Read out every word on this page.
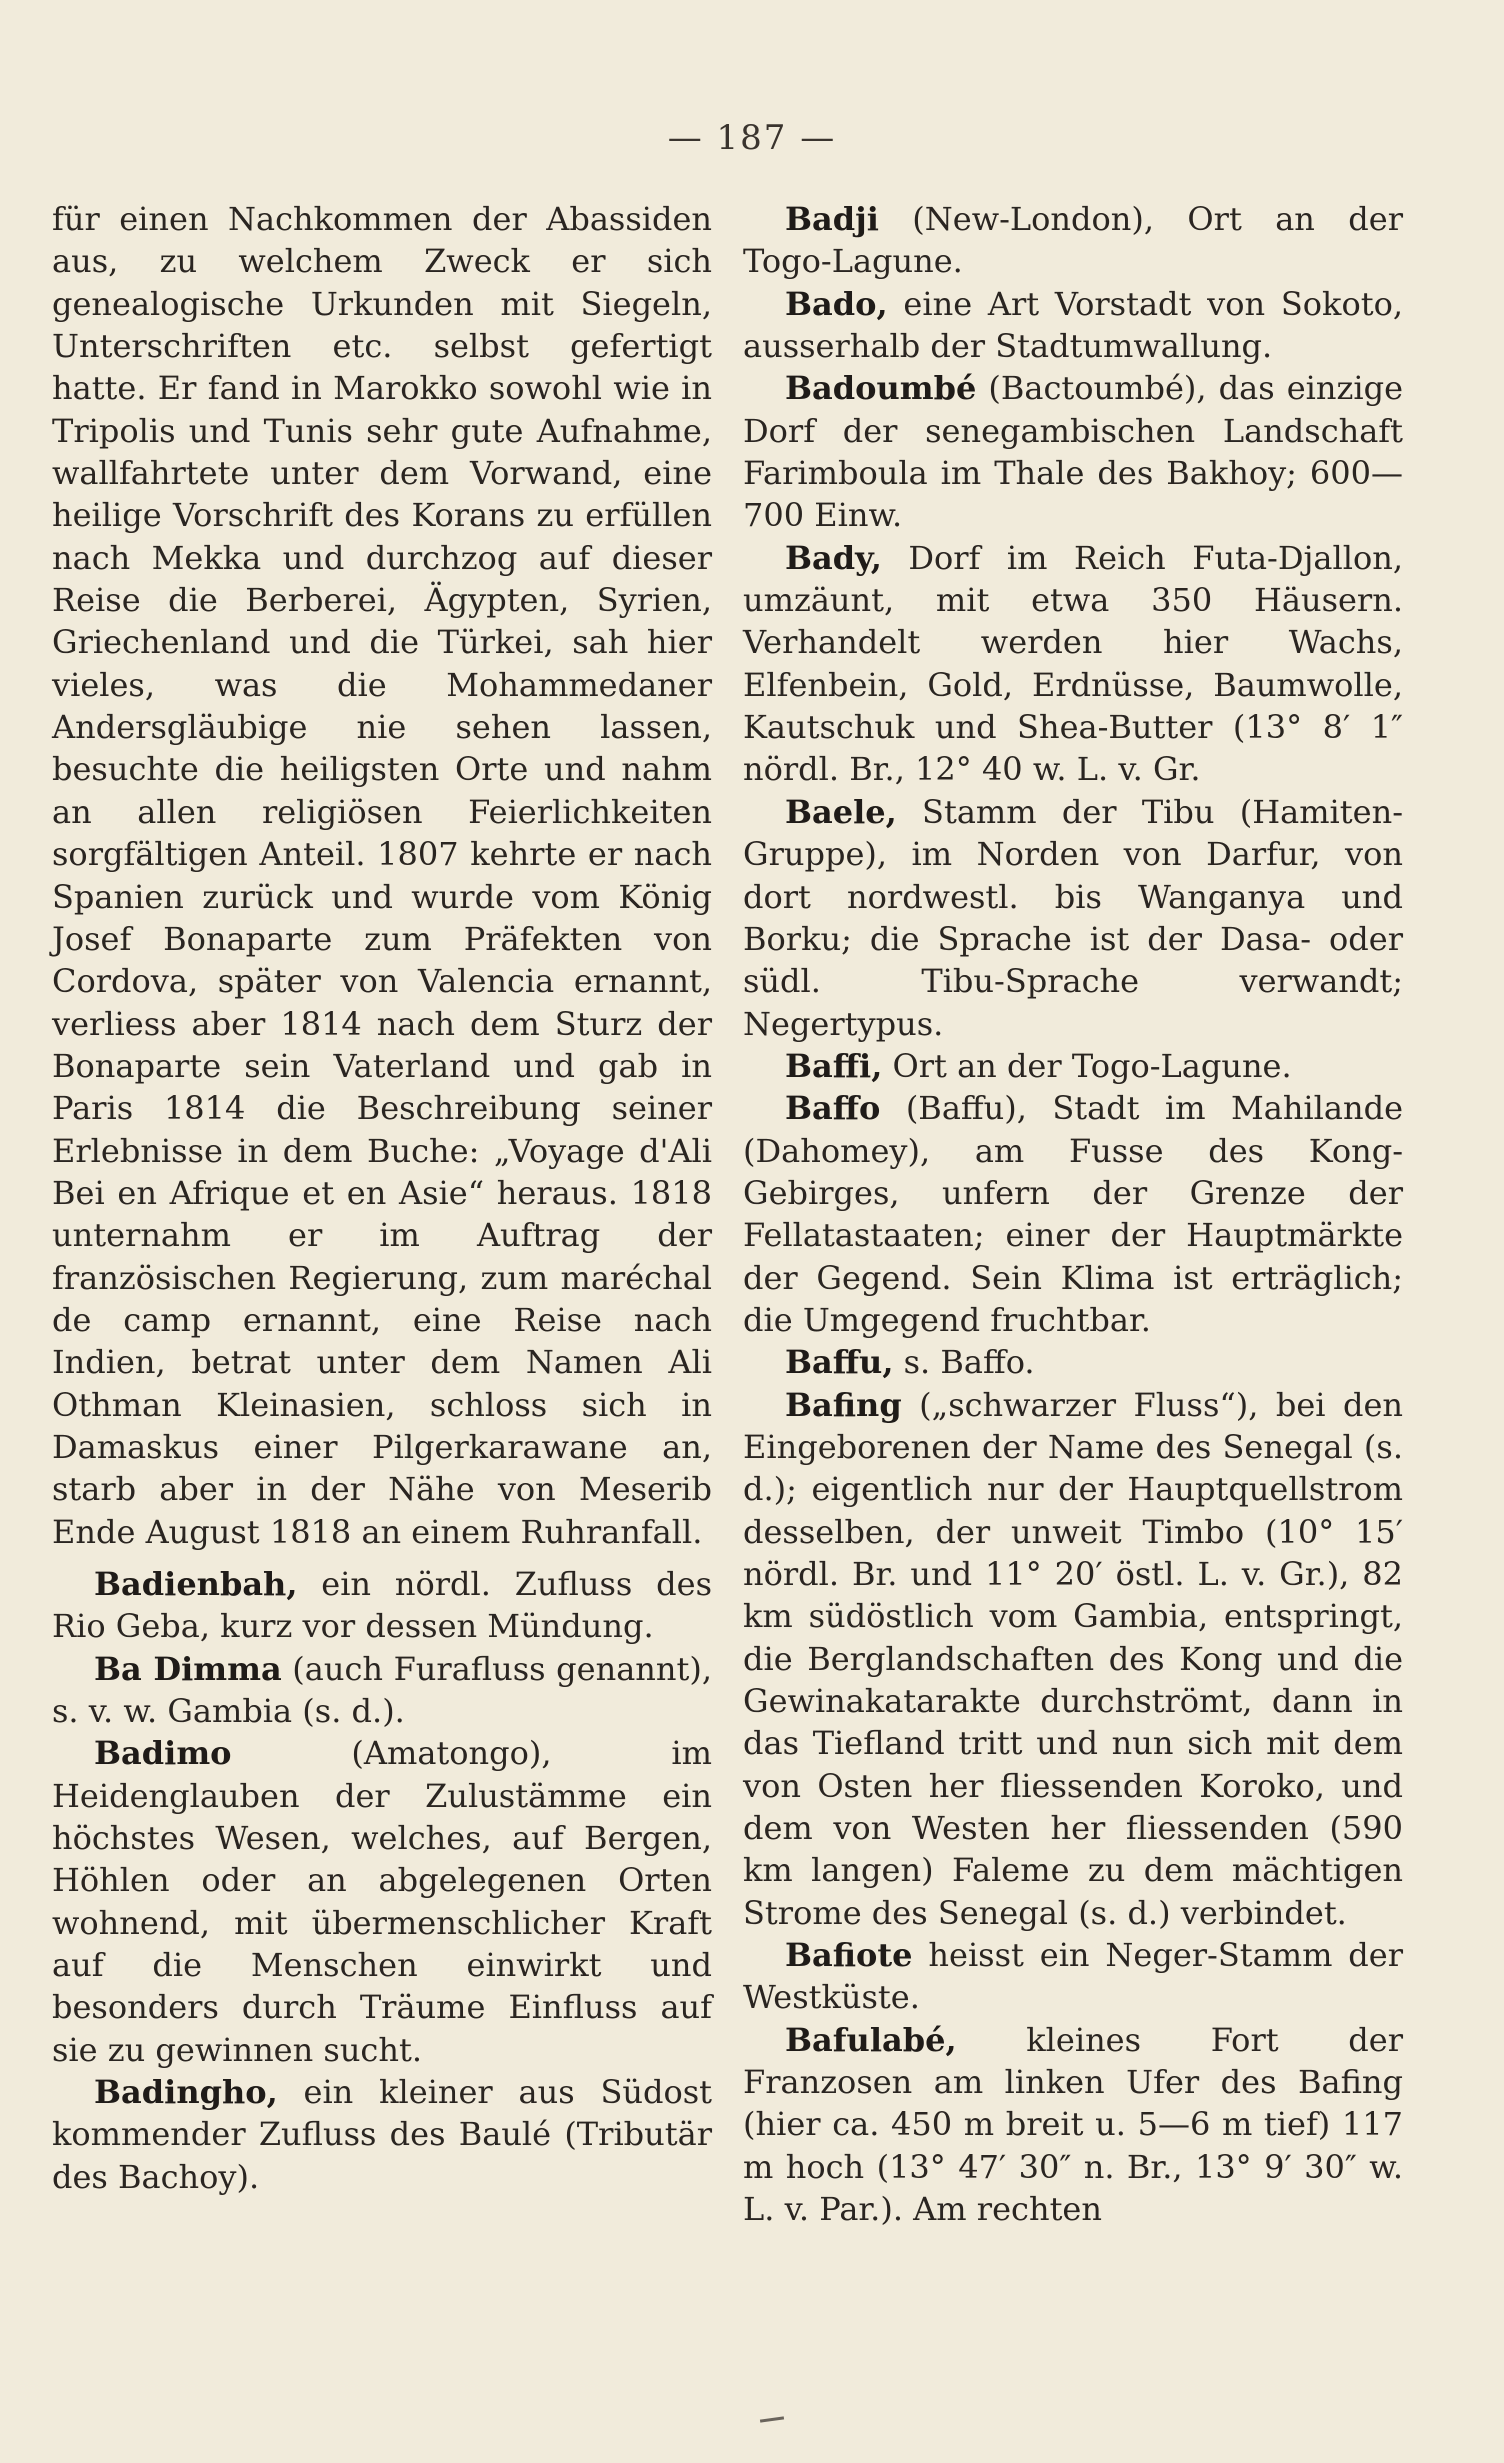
— 187 —

für einen Nachkommen der Abassiden aus, zu welchem Zweck er sich genealogische Urkunden mit Siegeln, Unterschriften etc. selbst gefertigt hatte. Er fand in Marokko sowohl wie in Tripolis und Tunis sehr gute Aufnahme, wallfahrtete unter dem Vorwand, eine heilige Vorschrift des Korans zu erfüllen nach Mekka und durchzog auf dieser Reise die Berberei, Ägypten, Syrien, Griechenland und die Türkei, sah hier vieles, was die Mohammedaner Andersgläubige nie sehen lassen, besuchte die heiligsten Orte und nahm an allen religiösen Feierlichkeiten sorgfältigen Anteil. 1807 kehrte er nach Spanien zurück und wurde vom König Josef Bonaparte zum Präfekten von Cordova, später von Valencia ernannt, verliess aber 1814 nach dem Sturz der Bonaparte sein Vaterland und gab in Paris 1814 die Beschreibung seiner Erlebnisse in dem Buche: „Voyage d'Ali Bei en Afrique et en Asie“ heraus. 1818 unternahm er im Auftrag der französischen Regierung, zum maréchal de camp ernannt, eine Reise nach Indien, betrat unter dem Namen Ali Othman Kleinasien, schloss sich in Damaskus einer Pilgerkarawane an, starb aber in der Nähe von Meserib Ende August 1818 an einem Ruhranfall.

Badienbah, ein nördl. Zufluss des Rio Geba, kurz vor dessen Mündung.

Ba Dimma (auch Furafluss genannt), s. v. w. Gambia (s. d.).

Badimo (Amatongo), im Heidenglauben der Zulustämme ein höchstes Wesen, welches, auf Bergen, Höhlen oder an abgelegenen Orten wohnend, mit übermenschlicher Kraft auf die Menschen einwirkt und besonders durch Träume Einfluss auf sie zu gewinnen sucht.

Badingho, ein kleiner aus Südost kommender Zufluss des Baulé (Tributär des Bachoy).

Badji (New-London), Ort an der Togo-Lagune.

Bado, eine Art Vorstadt von Sokoto, ausserhalb der Stadtumwallung.

Badoumbé (Bactoumbé), das einzige Dorf der senegambischen Landschaft Farimboula im Thale des Bakhoy; 600—700 Einw.

Bady, Dorf im Reich Futa-Djallon, umzäunt, mit etwa 350 Häusern. Verhandelt werden hier Wachs, Elfenbein, Gold, Erdnüsse, Baumwolle, Kautschuk und Shea-Butter (13° 8′ 1″ nördl. Br., 12° 40 w. L. v. Gr.

Baele, Stamm der Tibu (Hamiten-Gruppe), im Norden von Darfur, von dort nordwestl. bis Wanganya und Borku; die Sprache ist der Dasa- oder südl. Tibu-Sprache verwandt; Negertypus.

Baffi, Ort an der Togo-Lagune.

Baffo (Baffu), Stadt im Mahilande (Dahomey), am Fusse des Kong-Gebirges, unfern der Grenze der Fellatastaaten; einer der Hauptmärkte der Gegend. Sein Klima ist erträglich; die Umgegend fruchtbar.

Baffu, s. Baffo.

Bafing („schwarzer Fluss“), bei den Eingeborenen der Name des Senegal (s. d.); eigentlich nur der Hauptquellstrom desselben, der unweit Timbo (10° 15′ nördl. Br. und 11° 20′ östl. L. v. Gr.), 82 km südöstlich vom Gambia, entspringt, die Berglandschaften des Kong und die Gewinakatarakte durchströmt, dann in das Tiefland tritt und nun sich mit dem von Osten her fliessenden Koroko, und dem von Westen her fliessenden (590 km langen) Faleme zu dem mächtigen Strome des Senegal (s. d.) verbindet.

Bafiote heisst ein Neger-Stamm der Westküste.

Bafulabé, kleines Fort der Franzosen am linken Ufer des Bafing (hier ca. 450 m breit u. 5—6 m tief) 117 m hoch (13° 47′ 30″ n. Br., 13° 9′ 30″ w. L. v. Par.). Am rechten
